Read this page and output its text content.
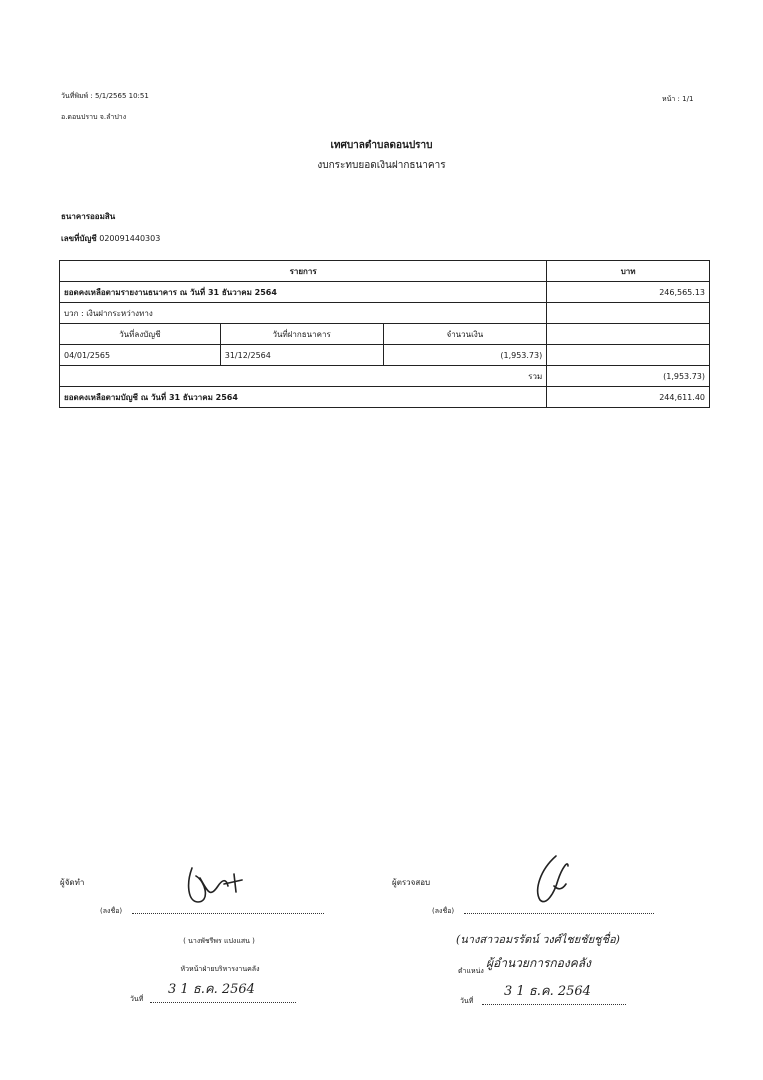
วันที่พิมพ์ : 5/1/2565 10:51
อ.ดอนปราบ จ.ลำปาง
หน้า : 1/1
เทศบาลตำบลดอนปราบ
งบกระทบยอดเงินฝากธนาคาร
ธนาคารออมสิน
เลขที่บัญชี 020091440303
รายการ			บาท
ยอดคงเหลือตามรายงานธนาคาร ณ วันที่ 31 ธันวาคม 2564			246,565.13
บวก : เงินฝากระหว่างทาง			
วันที่ลงบัญชี	วันที่ฝากธนาคาร	จำนวนเงิน	
04/01/2565	31/12/2564	(1,953.73)	
รวม			(1,953.73)
ยอดคงเหลือตามบัญชี ณ วันที่ 31 ธันวาคม 2564			244,611.40
ผู้จัดทำ
(ลงชื่อ)
( นางพัชรีพร แปงแสน )
หัวหน้าฝ่ายบริหารงานคลัง
วันที่
3 1 ธ.ค. 2564
ผู้ตรวจสอบ
(ลงชื่อ)
(นางสาวอมรรัตน์ วงศ์ไชยชัยชูชื่อ)
ตำแหน่ง
ผู้อำนวยการกองคลัง
วันที่
3 1 ธ.ค. 2564
